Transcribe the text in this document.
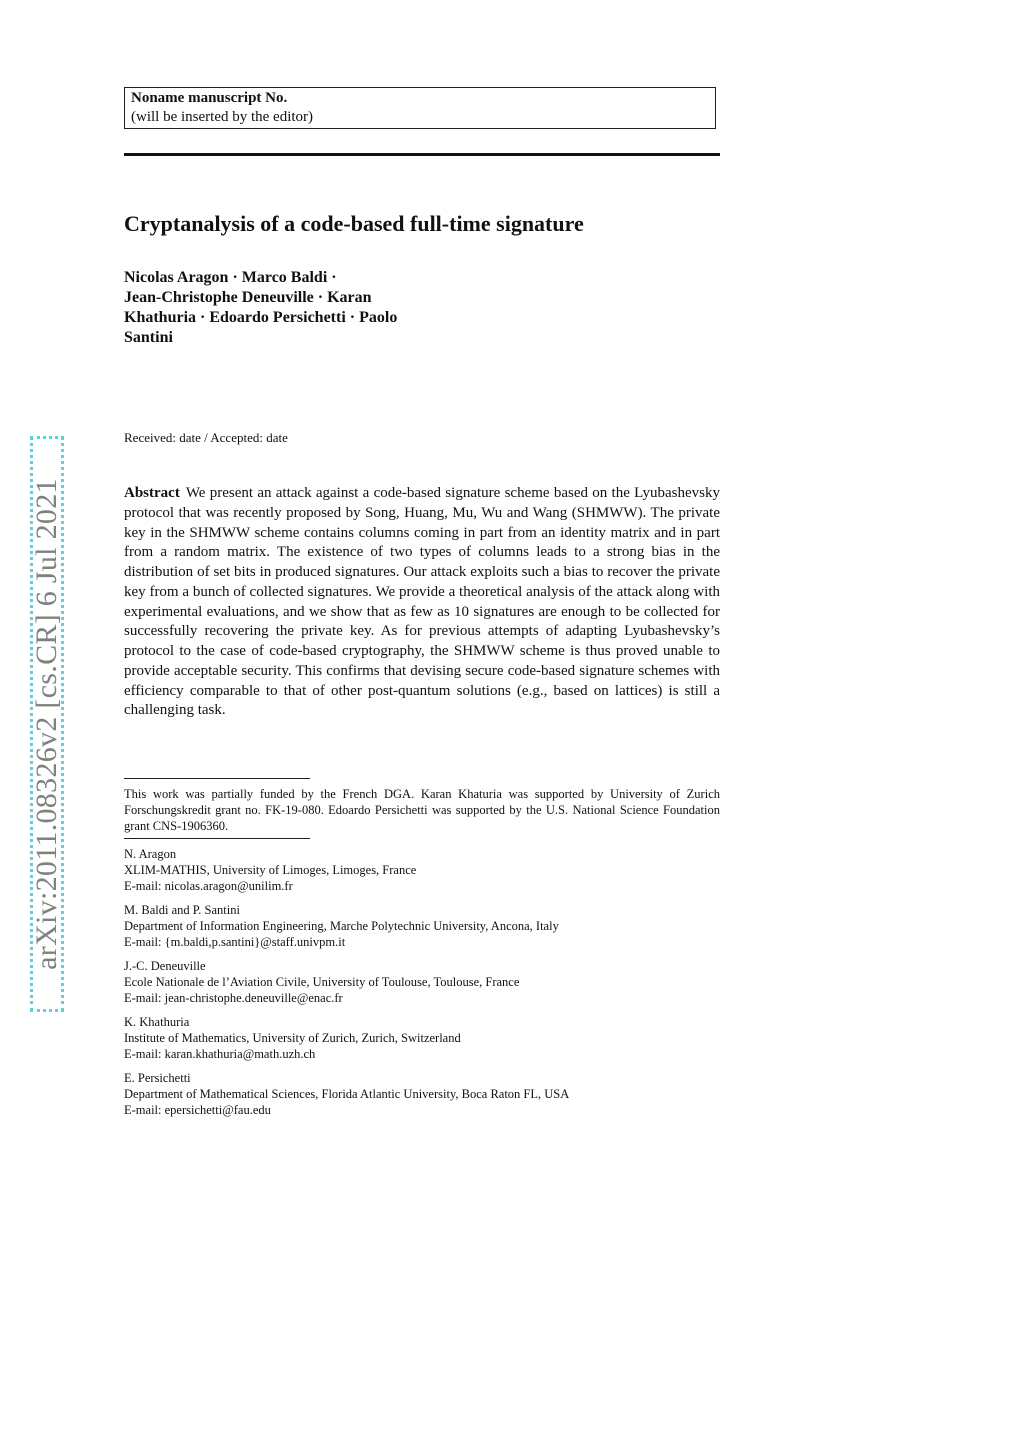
Noname manuscript No.
(will be inserted by the editor)
Cryptanalysis of a code-based full-time signature
Nicolas Aragon · Marco Baldi ·
Jean-Christophe Deneuville · Karan
Khathuria · Edoardo Persichetti · Paolo
Santini
arXiv:2011.08326v2 [cs.CR] 6 Jul 2021
Received: date / Accepted: date

Abstract We present an attack against a code-based signature scheme based on the Lyubashevsky protocol that was recently proposed by Song, Huang, Mu, Wu and Wang (SHMWW). The private key in the SHMWW scheme contains columns coming in part from an identity matrix and in part from a random matrix. The existence of two types of columns leads to a strong bias in the distribution of set bits in produced signatures. Our attack exploits such a bias to recover the private key from a bunch of collected signatures. We provide a theoretical analysis of the attack along with experimental evaluations, and we show that as few as 10 signatures are enough to be collected for successfully recovering the private key. As for previous attempts of adapting Lyubashevsky’s protocol to the case of code-based cryptography, the SHMWW scheme is thus proved unable to provide acceptable security. This confirms that devising secure code-based signature schemes with efficiency comparable to that of other post-quantum solutions (e.g., based on lattices) is still a challenging task.

This work was partially funded by the French DGA. Karan Khaturia was supported by University of Zurich Forschungskredit grant no. FK-19-080. Edoardo Persichetti was supported by the U.S. National Science Foundation grant CNS-1906360.

N. Aragon
XLIM-MATHIS, University of Limoges, Limoges, France
E-mail: nicolas.aragon@unilim.fr
M. Baldi and P. Santini
Department of Information Engineering, Marche Polytechnic University, Ancona, Italy
E-mail: {m.baldi,p.santini}@staff.univpm.it
J.-C. Deneuville
Ecole Nationale de l’Aviation Civile, University of Toulouse, Toulouse, France
E-mail: jean-christophe.deneuville@enac.fr
K. Khathuria
Institute of Mathematics, University of Zurich, Zurich, Switzerland
E-mail: karan.khathuria@math.uzh.ch
E. Persichetti
Department of Mathematical Sciences, Florida Atlantic University, Boca Raton FL, USA
E-mail: epersichetti@fau.edu
